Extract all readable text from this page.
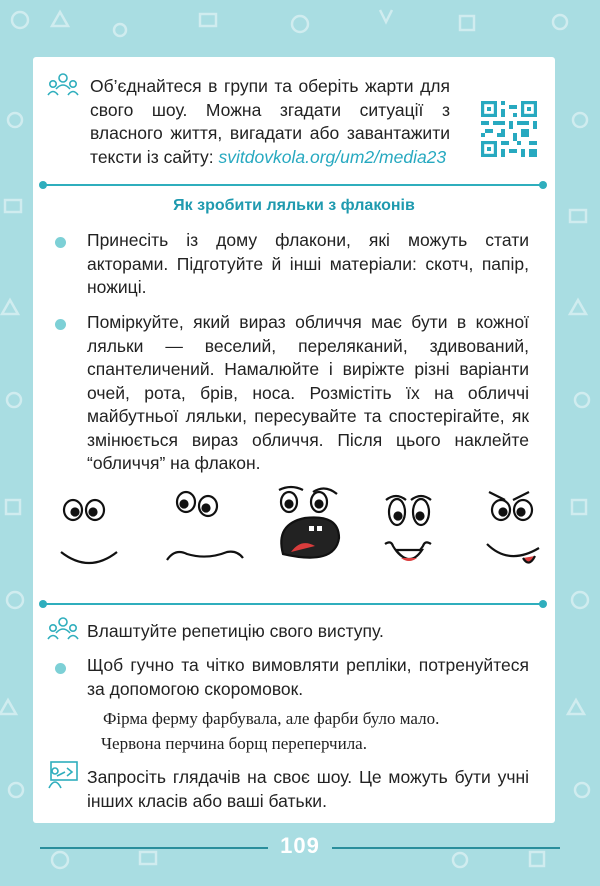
Об’єднайтеся в групи та оберіть жарти для свого шоу. Можна згадати ситуації з власного життя, вигадати або завантажити тексти із сайту: svitdovkola.org/um2/media23
Як зробити ляльки з флаконів
Принесіть із дому флакони, які можуть стати акторами. Підготуйте й інші матеріали: скотч, папір, ножиці.
Поміркуйте, який вираз обличчя має бути в кожної ляльки — веселий, переляканий, здивований, спантеличений. Намалюйте і виріжте різні варіанти очей, рота, брів, носа. Розмістіть їх на обличчі майбутньої ляльки, пересувайте та спостерігайте, як змінюється вираз обличчя. Після цього наклейте “обличчя” на флакон.
Влаштуйте репетицію свого виступу.
Щоб гучно та чітко вимовляти репліки, потренуйтеся за допомогою скоромовок.
Фірма ферму фарбувала, але фарби було мало.
Червона перчина борщ переперчила.
Запросіть глядачів на своє шоу. Це можуть бути учні інших класів або ваші батьки.
109
